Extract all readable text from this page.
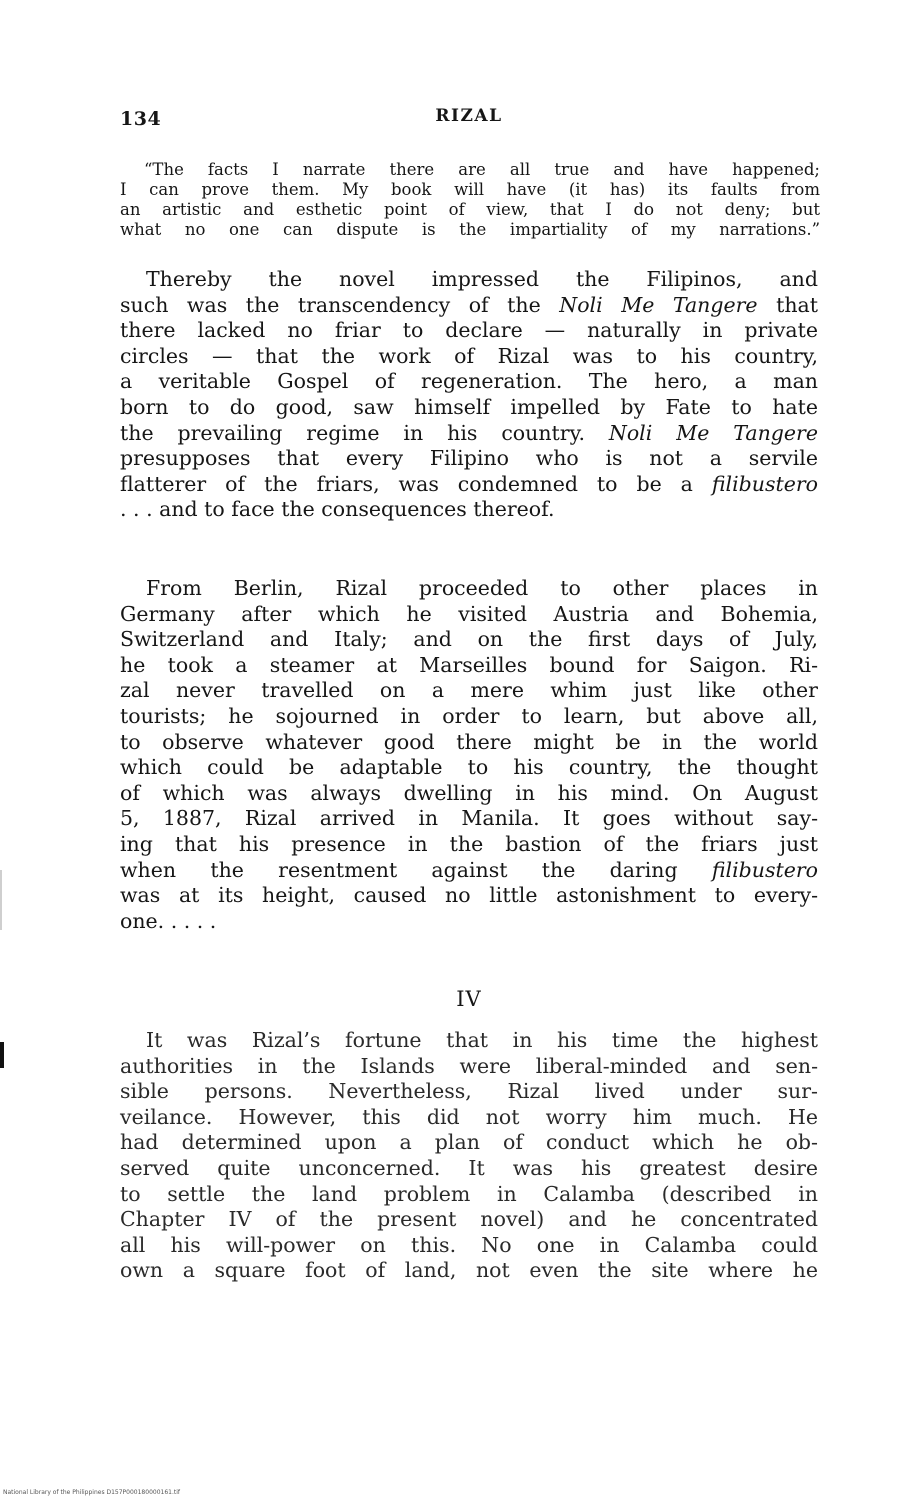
134	RIZAL
“The facts I narrate there are all true and have happened;
I can prove them. My book will have (it has) its faults from
an artistic and esthetic point of view, that I do not deny; but
what no one can dispute is the impartiality of my narrations.”
Thereby the novel impressed the Filipinos, and
such was the transcendency of the Noli Me Tangere that
there lacked no friar to declare — naturally in private
circles — that the work of Rizal was to his country,
a veritable Gospel of regeneration. The hero, a man
born to do good, saw himself impelled by Fate to hate
the prevailing regime in his country. Noli Me Tangere
presupposes that every Filipino who is not a servile
flatterer of the friars, was condemned to be a filibustero
. . . and to face the consequences thereof.
From Berlin, Rizal proceeded to other places in
Germany after which he visited Austria and Bohemia,
Switzerland and Italy; and on the first days of July,
he took a steamer at Marseilles bound for Saigon. Ri-
zal never travelled on a mere whim just like other
tourists; he sojourned in order to learn, but above all,
to observe whatever good there might be in the world
which could be adaptable to his country, the thought
of which was always dwelling in his mind. On August
5, 1887, Rizal arrived in Manila. It goes without say-
ing that his presence in the bastion of the friars just
when the resentment against the daring filibustero
was at its height, caused no little astonishment to every-
one. . . . .
IV
It was Rizal’s fortune that in his time the highest
authorities in the Islands were liberal-minded and sen-
sible persons. Nevertheless, Rizal lived under sur-
veilance. However, this did not worry him much. He
had determined upon a plan of conduct which he ob-
served quite unconcerned. It was his greatest desire
to settle the land problem in Calamba (described in
Chapter IV of the present novel) and he concentrated
all his will-power on this. No one in Calamba could
own a square foot of land, not even the site where he
National Library of the Philippines D157P000180000161.tif
